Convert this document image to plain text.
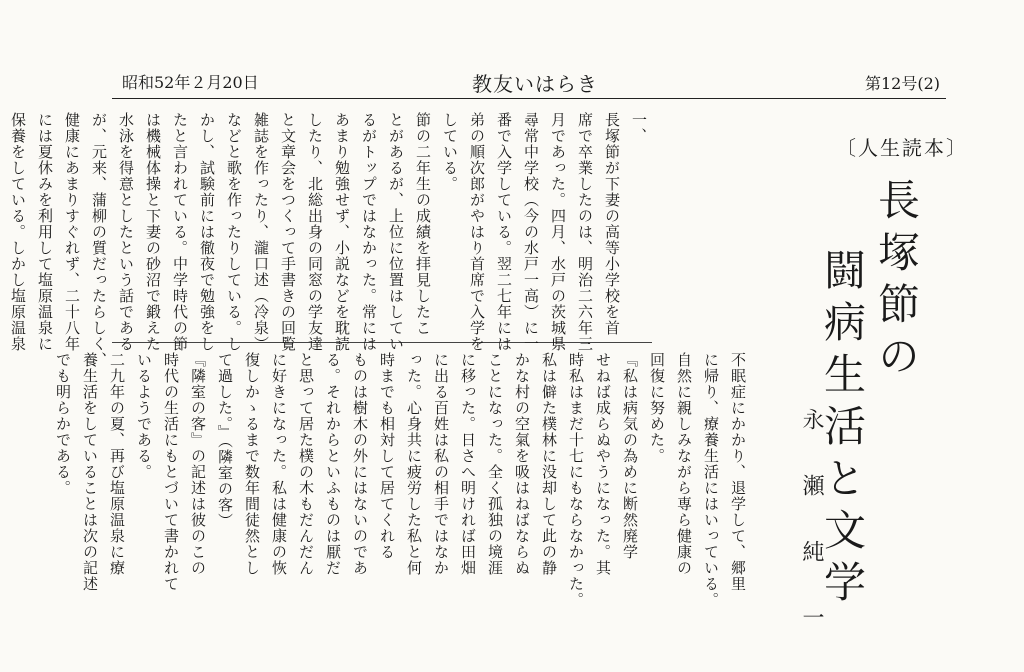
昭和52年２月20日	教友いはらき	第12号(2)
一、
長塚節が下妻の高等小学校を首
席で卒業したのは、明治二六年三
月であった。四月、水戸の茨城県
尋常中学校（今の水戸一高）に一
番で入学している。翌二七年には
弟の順次郎がやはり首席で入学を
している。
節の二年生の成績を拝見したこ
とがあるが、上位に位置はしてい
るがトップではなかった。常には
あまり勉強せず、小説などを耽読
したり、北総出身の同窓の学友達
と文章会をつくって手書きの回覧
雑誌を作ったり、瀧口述（冷泉）
などと歌を作ったりしている。し
かし、試験前には徹夜で勉強をし
たと言われている。中学時代の節
は機械体操と下妻の砂沼で鍛えた
水泳を得意としたという話である
が、元来、蒲柳の質だったらしく、
健康にあまりすぐれず、二十八年
には夏休みを利用して塩原温泉に
保養をしている。しかし塩原温泉
不眠症にかかり、退学して、郷里
に帰り、療養生活にはいっている。
自然に親しみながら専ら健康の
回復に努めた。
『私は病気の為めに断然廃学
せねば成らぬやうになった。其
時私はまだ十七にもならなかった。
私は僻た樸林に没却して此の静
かな村の空氣を吸はねばならぬ
ことになった。全く孤独の境涯
に移った。日さへ明ければ田畑
に出る百姓は私の相手ではなか
った。心身共に疲労した私と何
時までも相対して居てくれる
ものは樹木の外にはないのであ
る。それからといふものは厭だ
と思って居た樸の木もだんだん
に好きになった。私は健康の恢
復しかゝるまで数年間徒然とし
て過した。』（隣室の客）
『隣室の客』の記述は彼のこの
時代の生活にもとづいて書かれて
いるようである。
二九年の夏、再び塩原温泉に療
養生活をしていることは次の記述
でも明らかである。
〔人生読本〕
長塚節の
闘病生活と文学
永瀬純一
